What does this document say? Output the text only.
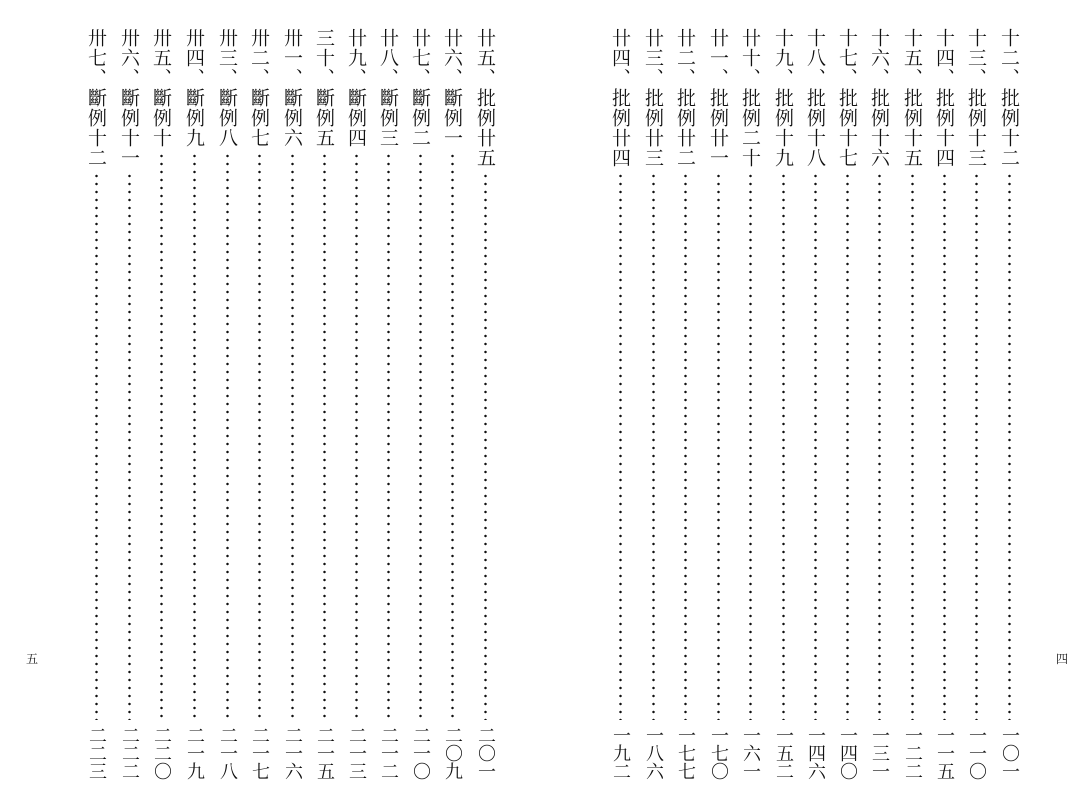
卄五、批例卄五
二〇一
卄六、斷例一
二〇九
卄七、斷例二
二一〇
卄八、斷例三
二一二
卄九、斷例四
二一三
三十、斷例五
二一五
卅一、斷例六
二一六
卅二、斷例七
二一七
卅三、斷例八
二一八
卅四、斷例九
二一九
卅五、斷例十
二二〇
卅六、斷例十一
二二二
卅七、斷例十二
二二三
五
十二、批例十二
一〇一
十三、批例十三
一一〇
十四、批例十四
一一五
十五、批例十五
一二二
十六、批例十六
一三一
十七、批例十七
一四〇
十八、批例十八
一四六
十九、批例十九
一五二
卄十、批例二十
一六一
卄一、批例卄一
一七〇
卄二、批例卄二
一七七
卄三、批例卄三
一八六
卄四、批例卄四
一九二
四
